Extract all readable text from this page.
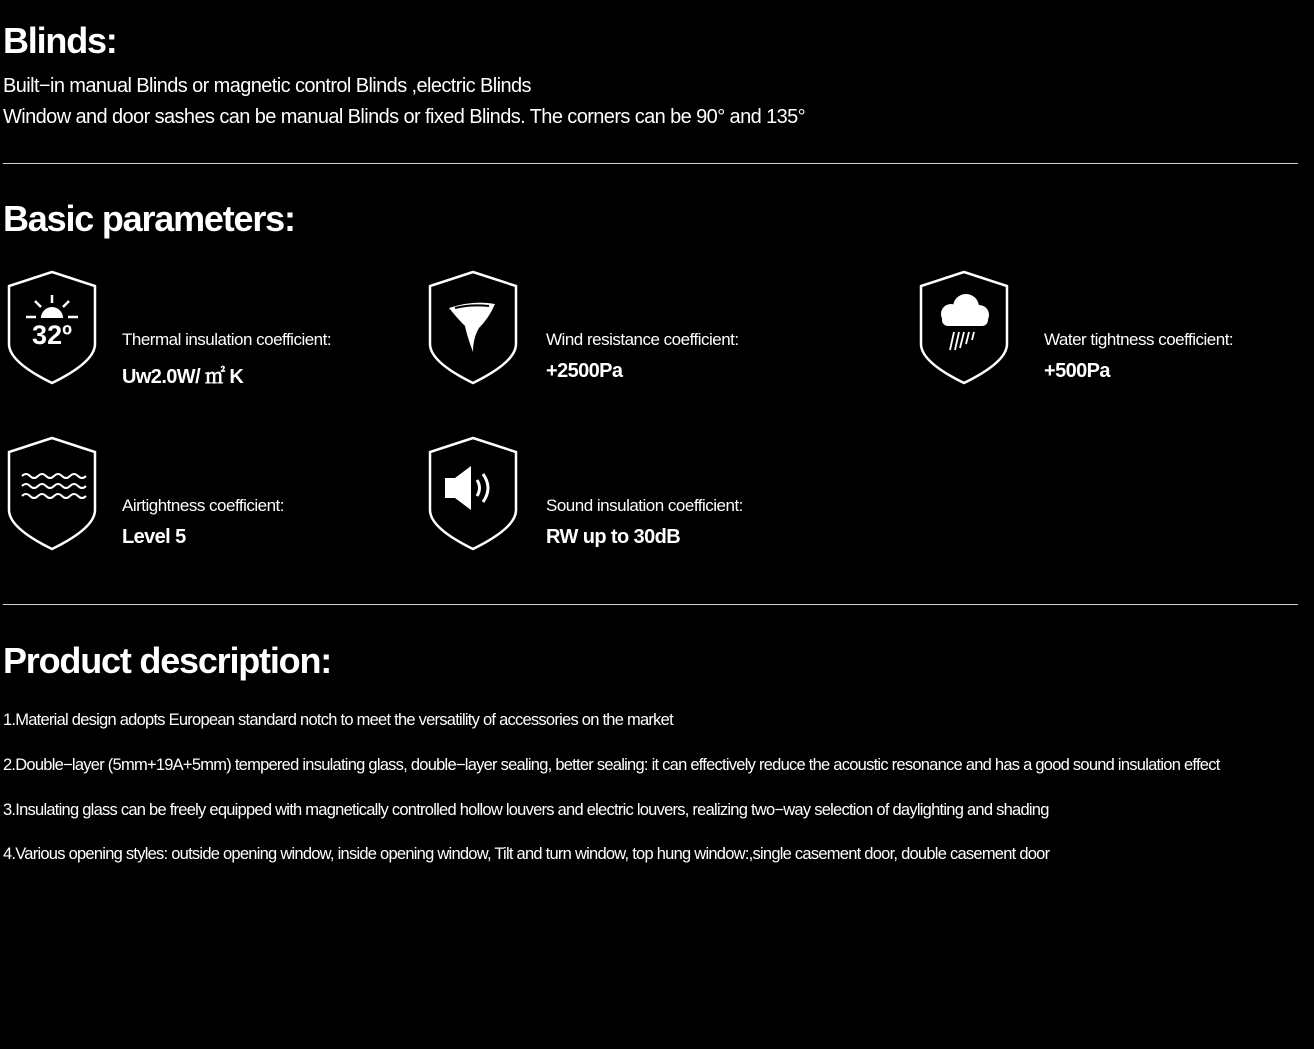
Blinds:
Built−in manual Blinds or magnetic control Blinds ,electric Blinds
Window and door sashes can be manual Blinds or fixed Blinds. The corners can be 90° and 135°
Basic parameters:
32º	Thermal insulation coefficient:
Uw2.0W/ ㎡ K
Wind resistance coefficient:
+2500Pa
Water tightness coefficient:
+500Pa
Airtightness coefficient:
Level 5
Sound insulation coefficient:
RW up to 30dB
Product description:
1.Material design adopts European standard notch to meet the versatility of accessories on the market
2.Double−layer (5mm+19A+5mm) tempered insulating glass, double−layer sealing, better sealing: it can effectively reduce the acoustic resonance and has a good sound insulation effect
3.Insulating glass can be freely equipped with magnetically controlled hollow louvers and electric louvers, realizing two−way selection of daylighting and shading
4.Various opening styles: outside opening window, inside opening window, Tilt and turn window, top hung window:,single casement door, double casement door
